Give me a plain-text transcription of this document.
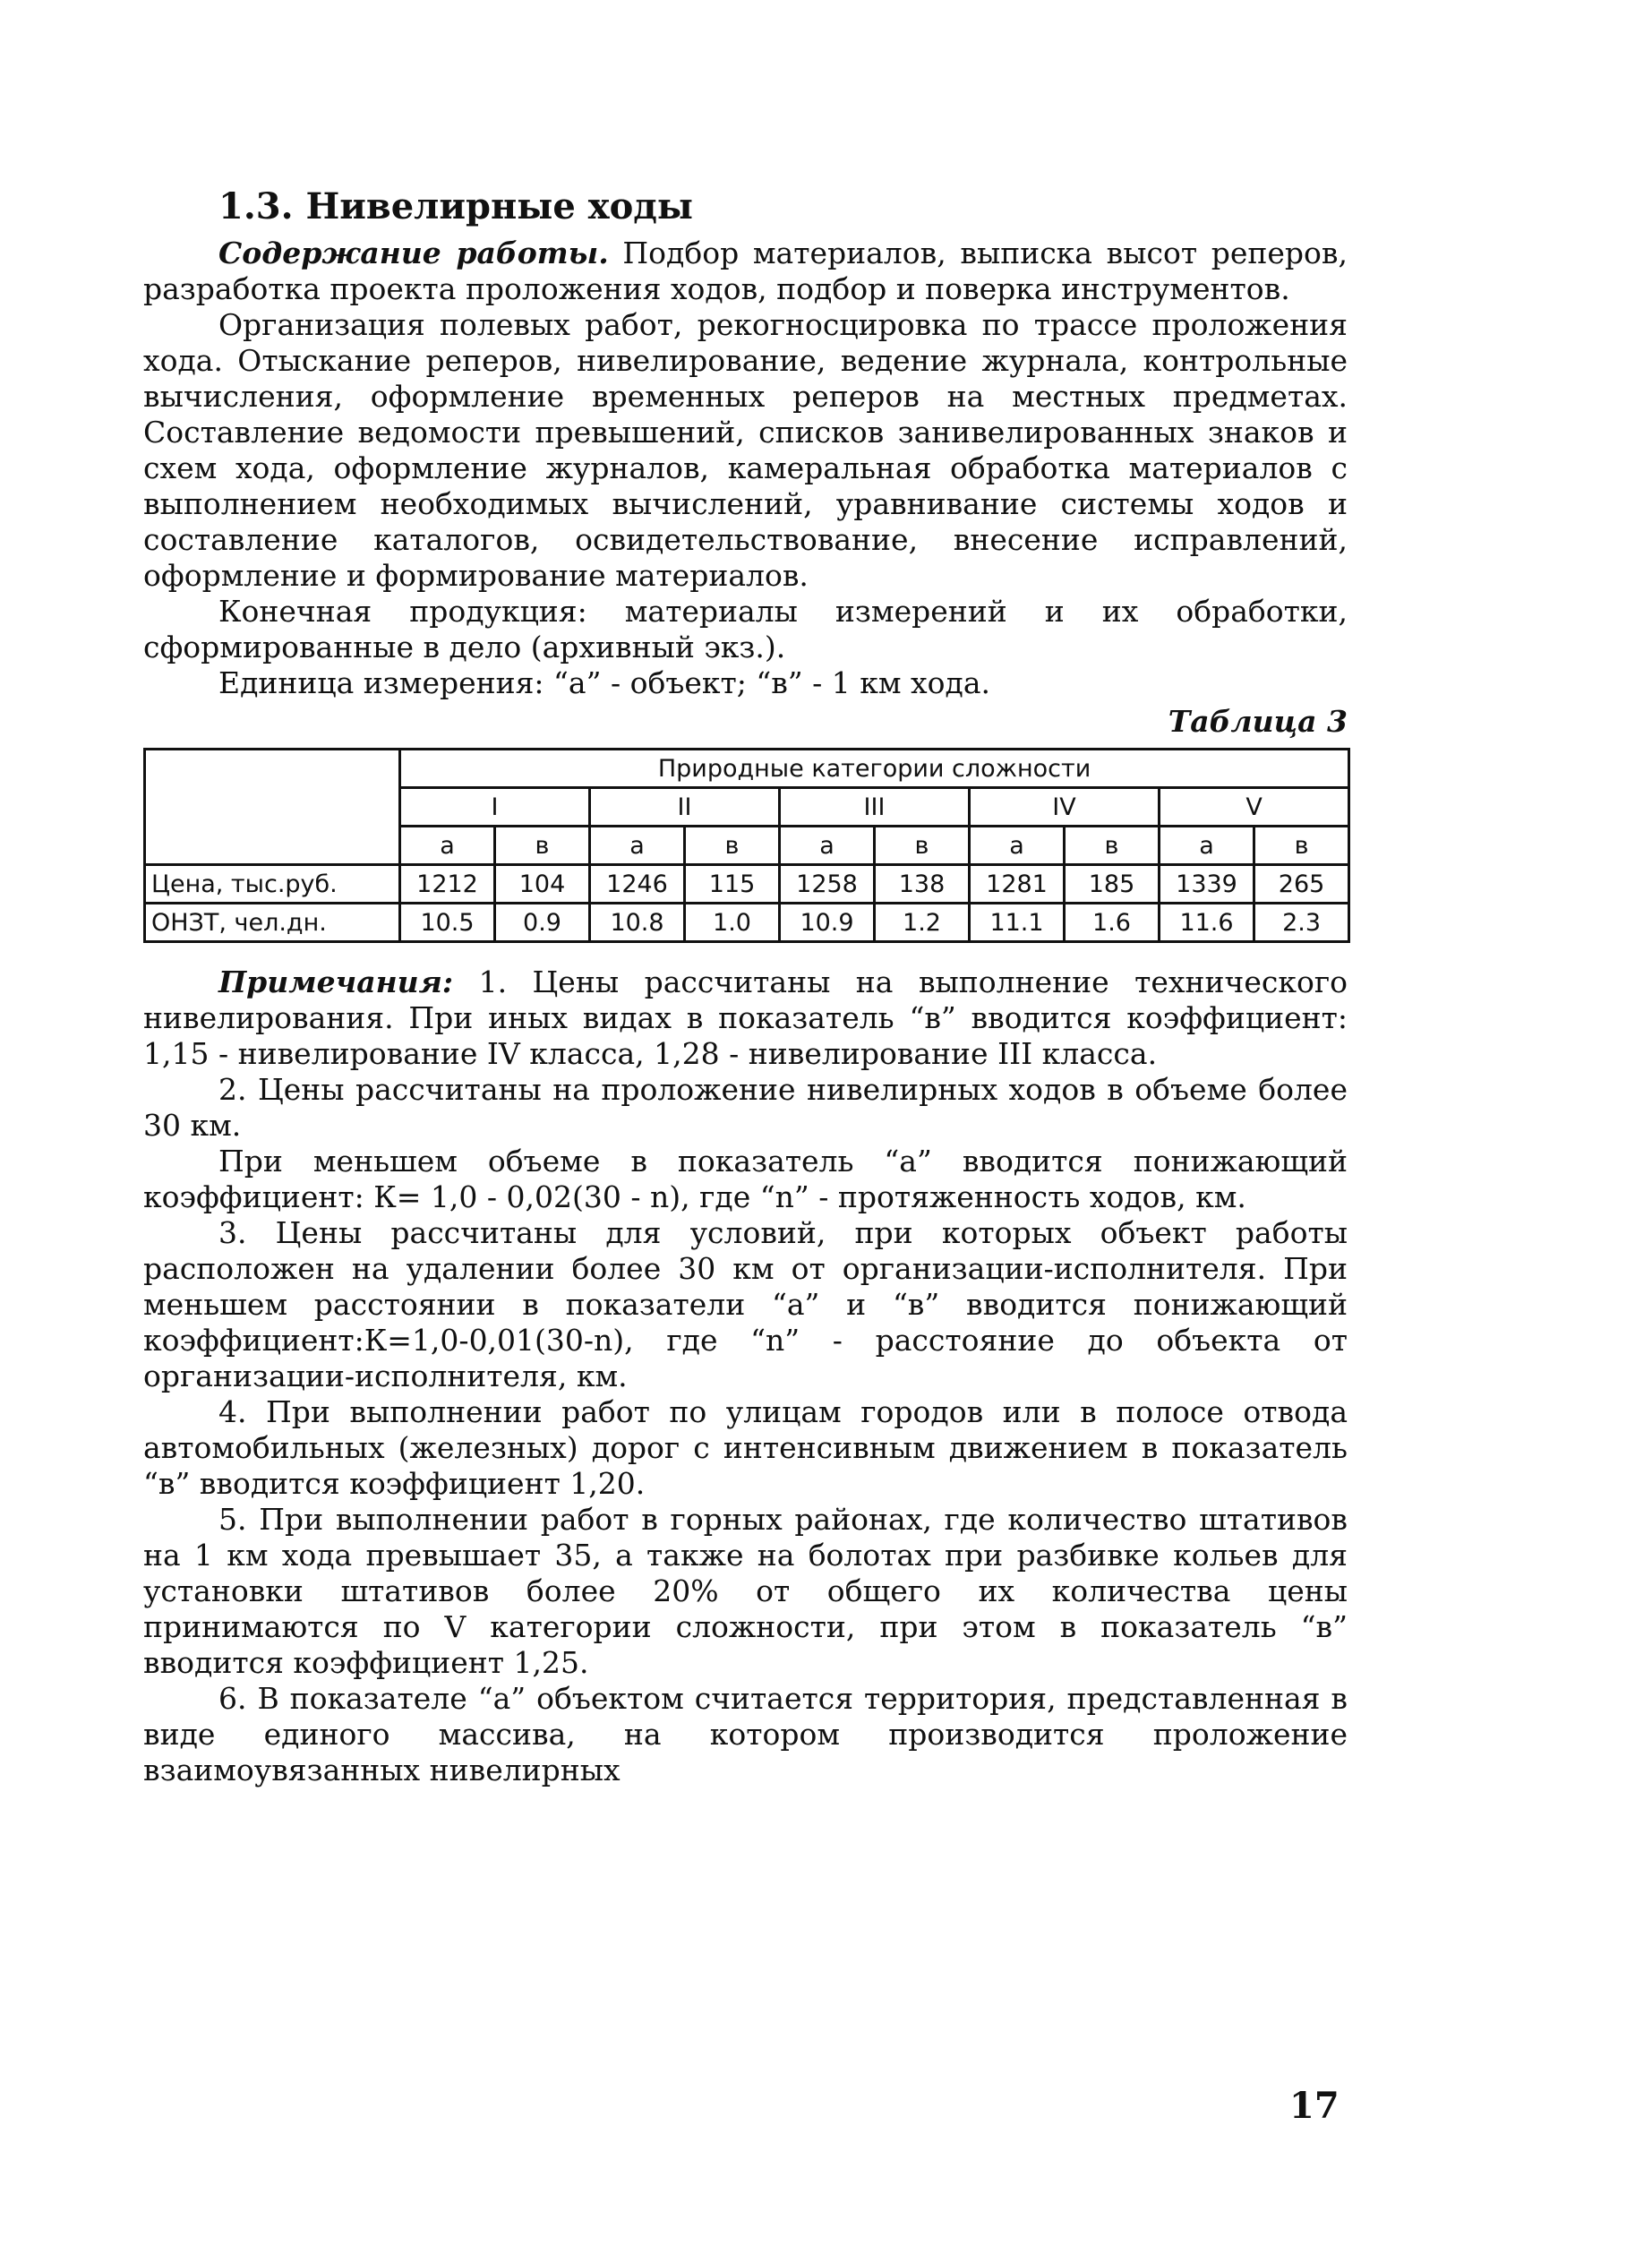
1.3. Нивелирные ходы

Содержание работы. Подбор материалов, выписка высот реперов, разработка проекта проложения ходов, подбор и поверка инструментов.

Организация полевых работ, рекогносцировка по трассе проложения хода. Отыскание реперов, нивелирование, ведение журнала, контрольные вычисления, оформление временных реперов на местных предметах. Составление ведомости превышений, списков занивелированных знаков и схем хода, оформление журналов, камеральная обработка материалов с выполнением необходимых вычислений, уравнивание системы ходов и составление каталогов, освидетельствование, внесение исправлений, оформление и формирование материалов.

Конечная продукция: материалы измерений и их обработки, сформированные в дело (архивный экз.).

Единица измерения: “а” - объект; “в” - 1 км хода.

Таблица 3
	Природные категории сложности									
	I		II		III		IV		V	
	а	в	а	в	а	в	а	в	а	в
Цена, тыс.руб.	1212	104	1246	115	1258	138	1281	185	1339	265
ОНЗТ, чел.дн.	10.5	0.9	10.8	1.0	10.9	1.2	11.1	1.6	11.6	2.3

Примечания: 1. Цены рассчитаны на выполнение технического нивелирования. При иных видах в показатель “в” вводится коэффициент: 1,15 - нивелирование IV класса, 1,28 - нивелирование III класса.

2. Цены рассчитаны на проложение нивелирных ходов в объеме более 30 км.

При меньшем объеме в показатель “а” вводится понижающий коэффициент: К= 1,0 - 0,02(30 - n), где “n” - протяженность ходов, км.

3. Цены рассчитаны для условий, при которых объект работы расположен на удалении более 30 км от организации-исполнителя. При меньшем расстоянии в показатели “а” и “в” вводится понижающий коэффициент:К=1,0-0,01(30-n), где “n” - расстояние до объекта от организации-исполнителя, км.

4. При выполнении работ по улицам городов или в полосе отвода автомобильных (железных) дорог с интенсивным движением в показатель “в” вводится коэффициент 1,20.

5. При выполнении работ в горных районах, где количество штативов на 1 км хода превышает 35, а также на болотах при разбивке кольев для установки штативов более 20% от общего их количества цены принимаются по V категории сложности, при этом в показатель “в” вводится коэффициент 1,25.

6. В показателе “а” объектом считается территория, представленная в виде единого массива, на котором производится проложение взаимоувязанных нивелирных

17
